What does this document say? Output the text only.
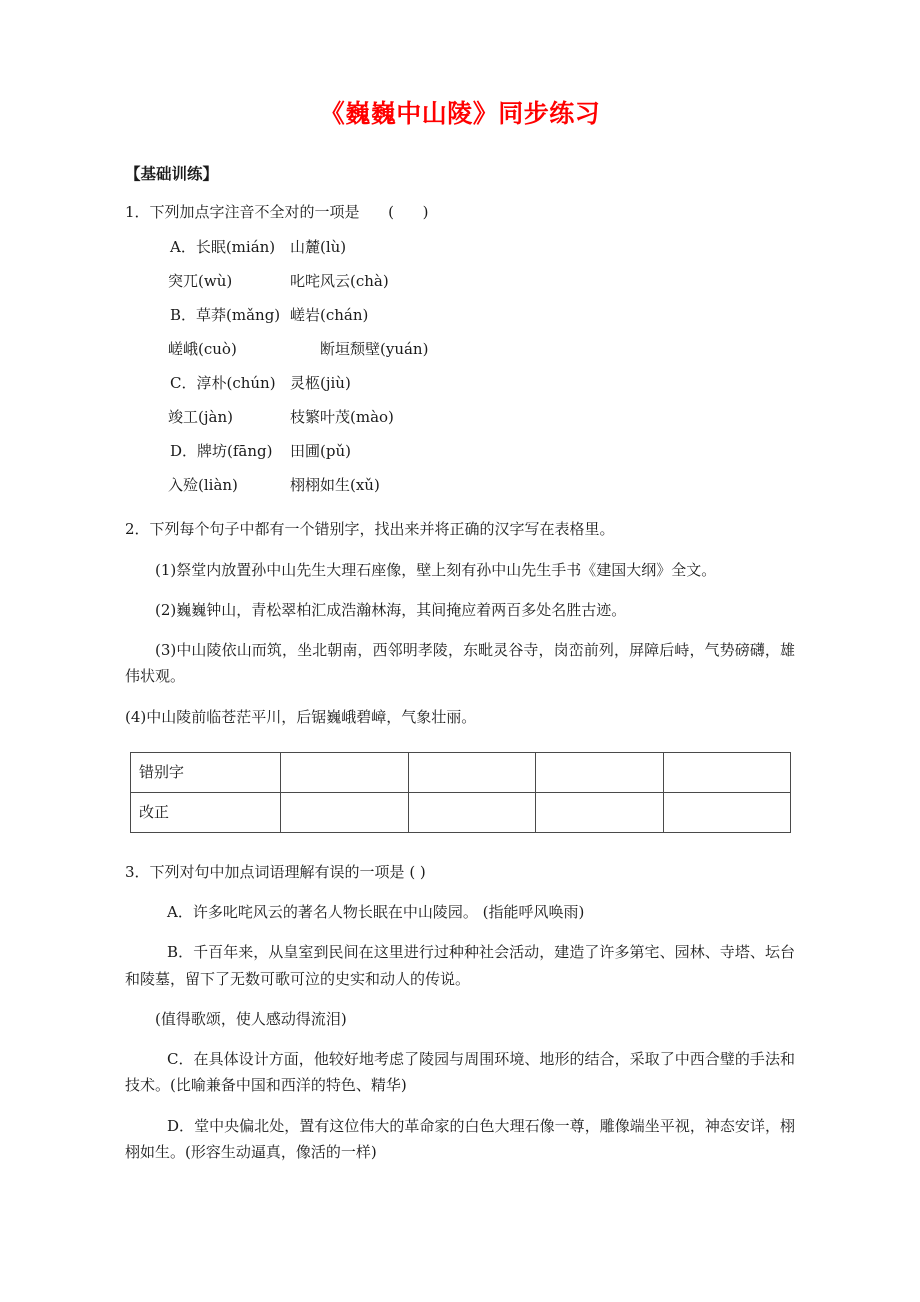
《巍巍中山陵》同步练习
【基础训练】
1．下列加点字注音不全对的一项是      (      )
A．长眠(mián) 山麓(lù)
突兀(wù)	叱咤风云(chà)
B．草莽(mǎng) 嵯岩(chán)
嵯峨(cuò)	断垣颓壁(yuán)
C．淳朴(chún) 灵柩(jiù)
竣工(jàn)	枝繁叶茂(mào)
D．牌坊(fāng)	田圃(pǔ)
入殓(liàn)	栩栩如生(xǔ)
2．下列每个句子中都有一个错别字，找出来并将正确的汉字写在表格里。
(1)祭堂内放置孙中山先生大理石座像，壁上刻有孙中山先生手书《建国大纲》全文。
(2)巍巍钟山，青松翠柏汇成浩瀚林海，其间掩应着两百多处名胜古迹。
(3)中山陵依山而筑，坐北朝南，西邻明孝陵，东毗灵谷寺，岗峦前列，屏障后峙，气势磅礴，雄伟状观。
(4)中山陵前临苍茫平川，后锯巍峨碧嶂，气象壮丽。
错别字				
改正				
3．下列对句中加点词语理解有误的一项是 ( )
A．许多叱咤风云的著名人物长眠在中山陵园。 (指能呼风唤雨)
B．千百年来，从皇室到民间在这里进行过种种社会活动，建造了许多第宅、园林、寺塔、坛台和陵墓，留下了无数可歌可泣的史实和动人的传说。
(值得歌颂，使人感动得流泪)
C．在具体设计方面，他较好地考虑了陵园与周围环境、地形的结合，采取了中西合璧的手法和技术。(比喻兼备中国和西洋的特色、精华)
D．堂中央偏北处，置有这位伟大的革命家的白色大理石像一尊，雕像端坐平视，神态安详，栩栩如生。(形容生动逼真，像活的一样)
